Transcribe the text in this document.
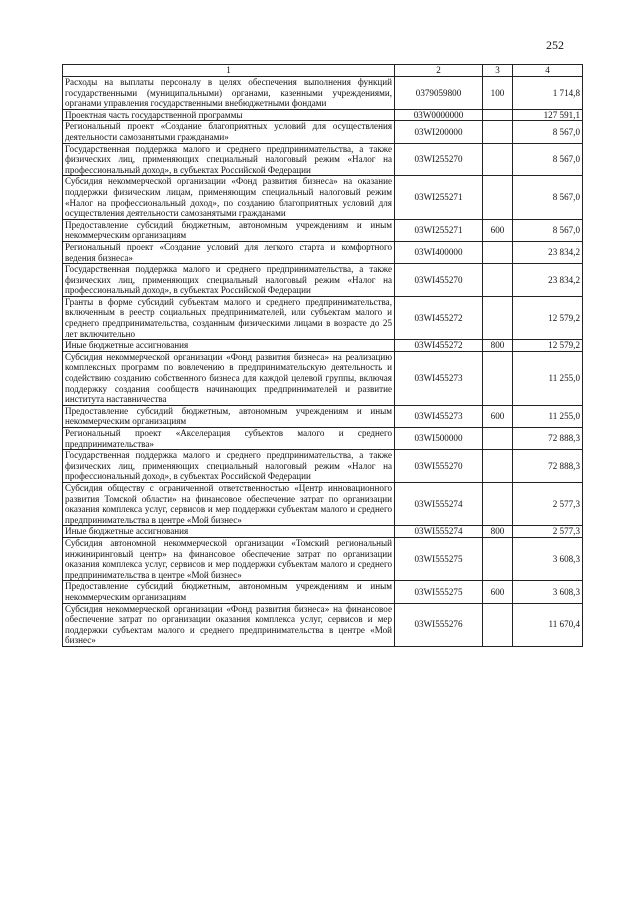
252
1	2	3	4
Расходы на выплаты персоналу в целях обеспечения выполнения функций государственными (муниципальными) органами, казенными учреждениями, органами управления государственными внебюджетными фондами	0379059800	100	1 714,8
Проектная часть государственной программы	03W0000000		127 591,1
Региональный проект «Создание благоприятных условий для осуществления деятельности самозанятыми гражданами»	03WI200000		8 567,0
Государственная поддержка малого и среднего предпринимательства, а также физических лиц, применяющих специальный налоговый режим «Налог на профессиональный доход», в субъектах Российской Федерации	03WI255270		8 567,0
Субсидия некоммерческой организации «Фонд развития бизнеса» на оказание поддержки физическим лицам, применяющим специальный налоговый режим «Налог на профессиональный доход», по созданию благоприятных условий для осуществления деятельности самозанятыми гражданами	03WI255271		8 567,0
Предоставление субсидий бюджетным, автономным учреждениям и иным некоммерческим организациям	03WI255271	600	8 567,0
Региональный проект «Создание условий для легкого старта и комфортного ведения бизнеса»	03WI400000		23 834,2
Государственная поддержка малого и среднего предпринимательства, а также физических лиц, применяющих специальный налоговый режим «Налог на профессиональный доход», в субъектах Российской Федерации	03WI455270		23 834,2
Гранты в форме субсидий субъектам малого и среднего предпринимательства, включенным в реестр социальных предпринимателей, или субъектам малого и среднего предпринимательства, созданным физическими лицами в возрасте до 25 лет включительно	03WI455272		12 579,2
Иные бюджетные ассигнования	03WI455272	800	12 579,2
Субсидия некоммерческой организации «Фонд развития бизнеса» на реализацию комплексных программ по вовлечению в предпринимательскую деятельность и содействию созданию собственного бизнеса для каждой целевой группы, включая поддержку создания сообществ начинающих предпринимателей и развитие института наставничества	03WI455273		11 255,0
Предоставление субсидий бюджетным, автономным учреждениям и иным некоммерческим организациям	03WI455273	600	11 255,0
Региональный проект «Акселерация субъектов малого и среднего предпринимательства»	03WI500000		72 888,3
Государственная поддержка малого и среднего предпринимательства, а также физических лиц, применяющих специальный налоговый режим «Налог на профессиональный доход», в субъектах Российской Федерации	03WI555270		72 888,3
Субсидия обществу с ограниченной ответственностью «Центр инновационного развития Томской области» на финансовое обеспечение затрат по организации оказания комплекса услуг, сервисов и мер поддержки субъектам малого и среднего предпринимательства в центре «Мой бизнес»	03WI555274		2 577,3
Иные бюджетные ассигнования	03WI555274	800	2 577,3
Субсидия автономной некоммерческой организации «Томский региональный инжиниринговый центр» на финансовое обеспечение затрат по организации оказания комплекса услуг, сервисов и мер поддержки субъектам малого и среднего предпринимательства в центре «Мой бизнес»	03WI555275		3 608,3
Предоставление субсидий бюджетным, автономным учреждениям и иным некоммерческим организациям	03WI555275	600	3 608,3
Субсидия некоммерческой организации «Фонд развития бизнеса» на финансовое обеспечение затрат по организации оказания комплекса услуг, сервисов и мер поддержки субъектам малого и среднего предпринимательства в центре «Мой бизнес»	03WI555276		11 670,4
